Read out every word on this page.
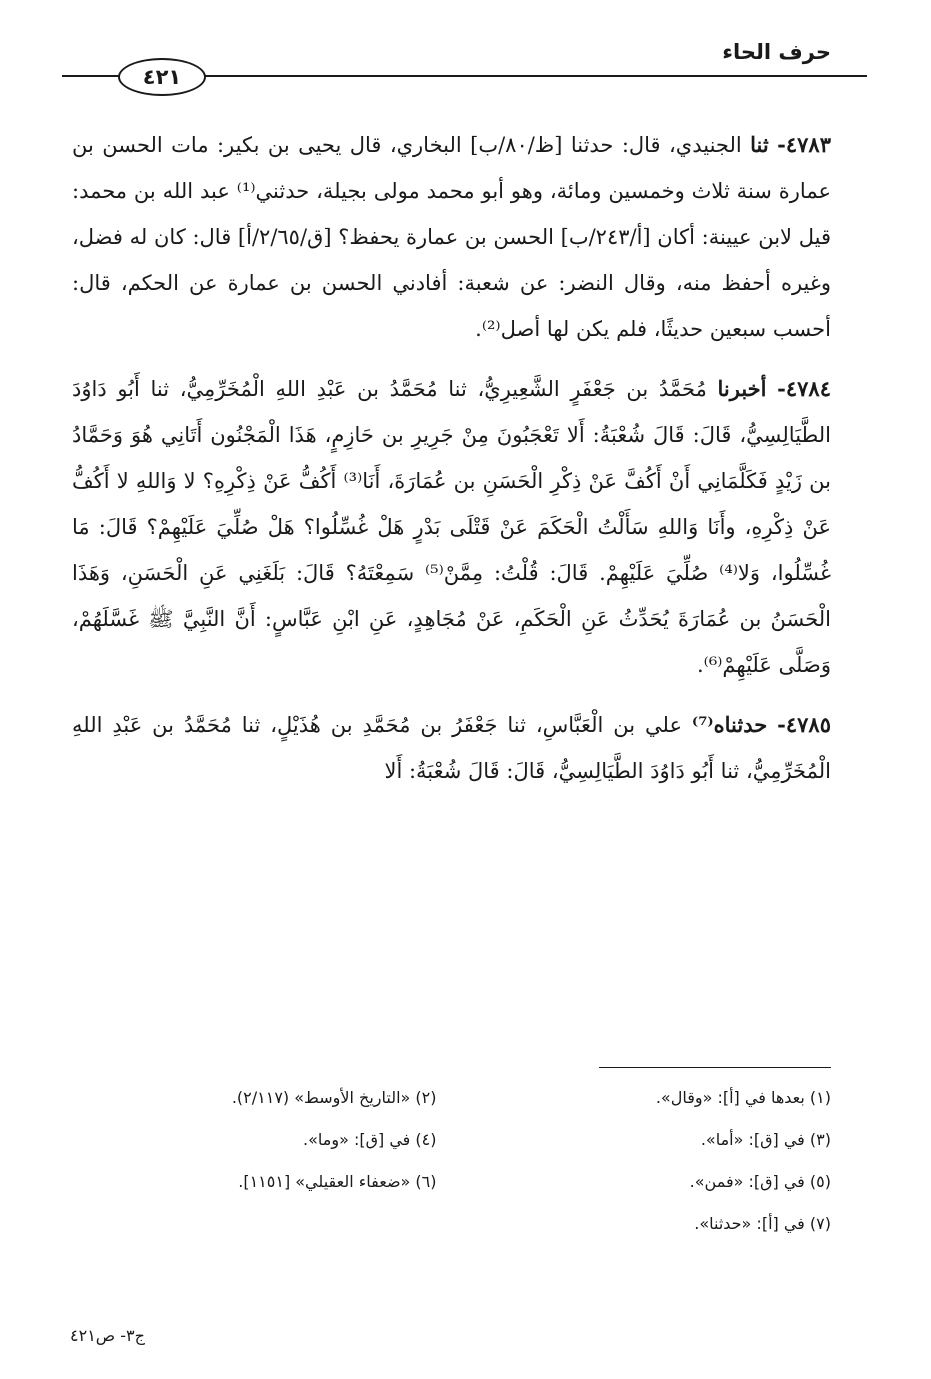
حرف الحاء
٤٢١

٤٧٨٣- ثنا الجنيدي، قال: حدثنا [ظ/٨٠/ب] البخاري، قال يحيى بن بكير: مات الحسن بن عمارة سنة ثلاث وخمسين ومائة، وهو أبو محمد مولى بجيلة، حدثني⁽¹⁾ عبد الله بن محمد: قيل لابن عيينة: أكان [أ/٢٤٣/ب] الحسن بن عمارة يحفظ؟ [ق/٢/٦٥/أ] قال: كان له فضل، وغيره أحفظ منه، وقال النضر: عن شعبة: أفادني الحسن بن عمارة عن الحكم، قال: أحسب سبعين حديثًا، فلم يكن لها أصل⁽²⁾.

٤٧٨٤- أخبرنا مُحَمَّدُ بن جَعْفَرٍ الشَّعِيرِيُّ، ثنا مُحَمَّدُ بن عَبْدِ اللهِ الْمُخَرِّمِيُّ، ثنا أَبُو دَاوُدَ الطَّيَالِسِيُّ، قَالَ: قَالَ شُعْبَةُ: أَلا تَعْجَبُونَ مِنْ جَرِيرِ بن حَازِمٍ، هَذَا الْمَجْنُون أَتَانِي هُوَ وَحَمَّادُ بن زَيْدٍ فَكَلَّمَانِي أَنْ أَكُفَّ عَنْ ذِكْرِ الْحَسَنِ بن عُمَارَةَ، أَنَا⁽³⁾ أَكُفُّ عَنْ ذِكْرِهِ؟ لا وَاللهِ لا أَكُفُّ عَنْ ذِكْرِهِ، وأَنَا وَاللهِ سَأَلْتُ الْحَكَمَ عَنْ قَتْلَى بَدْرٍ هَلْ غُسِّلُوا؟ هَلْ صُلِّيَ عَلَيْهِمْ؟ قَالَ: مَا غُسِّلُوا، وَلا⁽⁴⁾ صُلِّيَ عَلَيْهِمْ. قَالَ: قُلْتُ: مِمَّنْ⁽⁵⁾ سَمِعْتَهُ؟ قَالَ: بَلَغَنِي عَنِ الْحَسَنِ، وَهَذَا الْحَسَنُ بن عُمَارَةَ يُحَدِّثُ عَنِ الْحَكَمِ، عَنْ مُجَاهِدٍ، عَنِ ابْنِ عَبَّاسٍ: أَنَّ النَّبِيَّ ﷺ غَسَّلَهُمْ، وَصَلَّى عَلَيْهِمْ⁽⁶⁾.

٤٧٨٥- حدثناه⁽⁷⁾ علي بن الْعَبَّاسِ، ثنا جَعْفَرُ بن مُحَمَّدِ بن هُذَيْلٍ، ثنا مُحَمَّدُ بن عَبْدِ اللهِ الْمُخَرِّمِيُّ، ثنا أَبُو دَاوُدَ الطَّيَالِسِيُّ، قَالَ: قَالَ شُعْبَةُ: أَلا

(١) بعدها في [أ]: «وقال».
(٢) «التاريخ الأوسط» (٢/١١٧).
(٣) في [ق]: «أما».
(٤) في [ق]: «وما».
(٥) في [ق]: «فمن».
(٦) «ضعفاء العقيلي» [١١٥١].
(٧) في [أ]: «حدثنا».
ج٣- ص٤٢١
